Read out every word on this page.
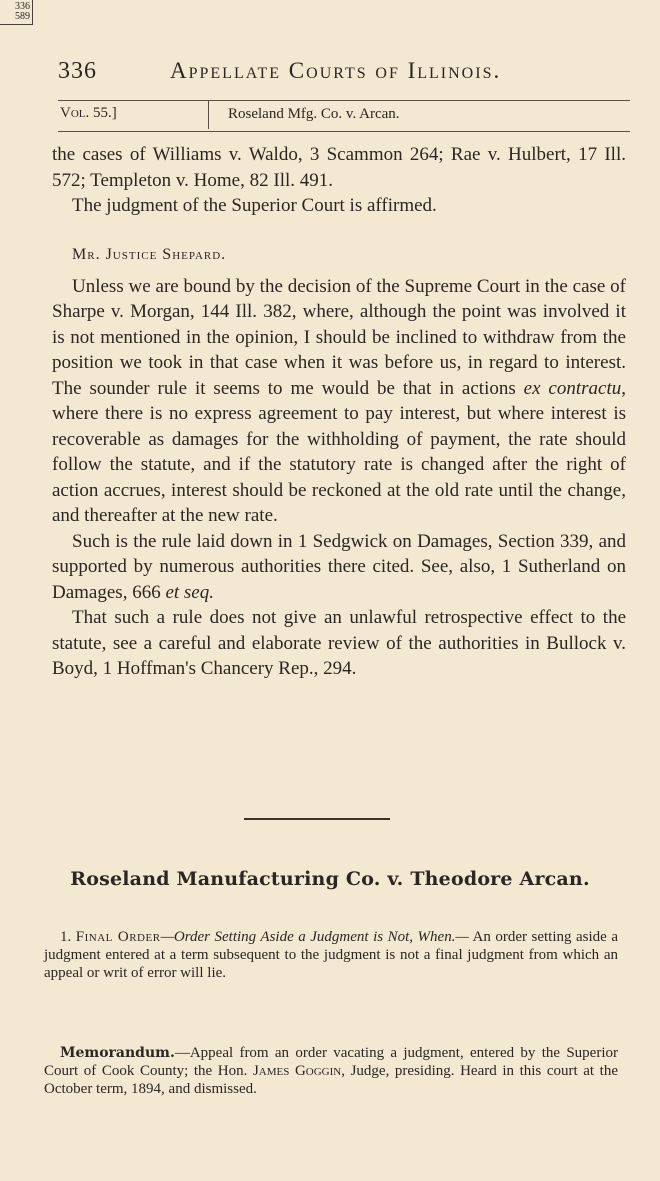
336
589
336	Appellate Courts of Illinois.
Vol. 55.]	Roseland Mfg. Co. v. Arcan.

the cases of Williams v. Waldo, 3 Scammon 264; Rae v. Hulbert, 17 Ill. 572; Templeton v. Home, 82 Ill. 491.

The judgment of the Superior Court is affirmed.

Mr. Justice Shepard.

Unless we are bound by the decision of the Supreme Court in the case of Sharpe v. Morgan, 144 Ill. 382, where, although the point was involved it is not mentioned in the opinion, I should be inclined to withdraw from the position we took in that case when it was before us, in regard to interest. The sounder rule it seems to me would be that in actions ex contractu, where there is no express agreement to pay interest, but where interest is recoverable as damages for the withholding of payment, the rate should follow the statute, and if the statutory rate is changed after the right of action accrues, interest should be reckoned at the old rate until the change, and thereafter at the new rate.

Such is the rule laid down in 1 Sedgwick on Damages, Section 339, and supported by numerous authorities there cited. See, also, 1 Sutherland on Damages, 666 et seq.

That such a rule does not give an unlawful retrospective effect to the statute, see a careful and elaborate review of the authorities in Bullock v. Boyd, 1 Hoffman's Chancery Rep., 294.

Roseland Manufacturing Co. v. Theodore Arcan.

1. Final Order—Order Setting Aside a Judgment is Not, When.— An order setting aside a judgment entered at a term subsequent to the judgment is not a final judgment from which an appeal or writ of error will lie.

Memorandum.—Appeal from an order vacating a judgment, entered by the Superior Court of Cook County; the Hon. James Goggin, Judge, presiding. Heard in this court at the October term, 1894, and dismissed.
